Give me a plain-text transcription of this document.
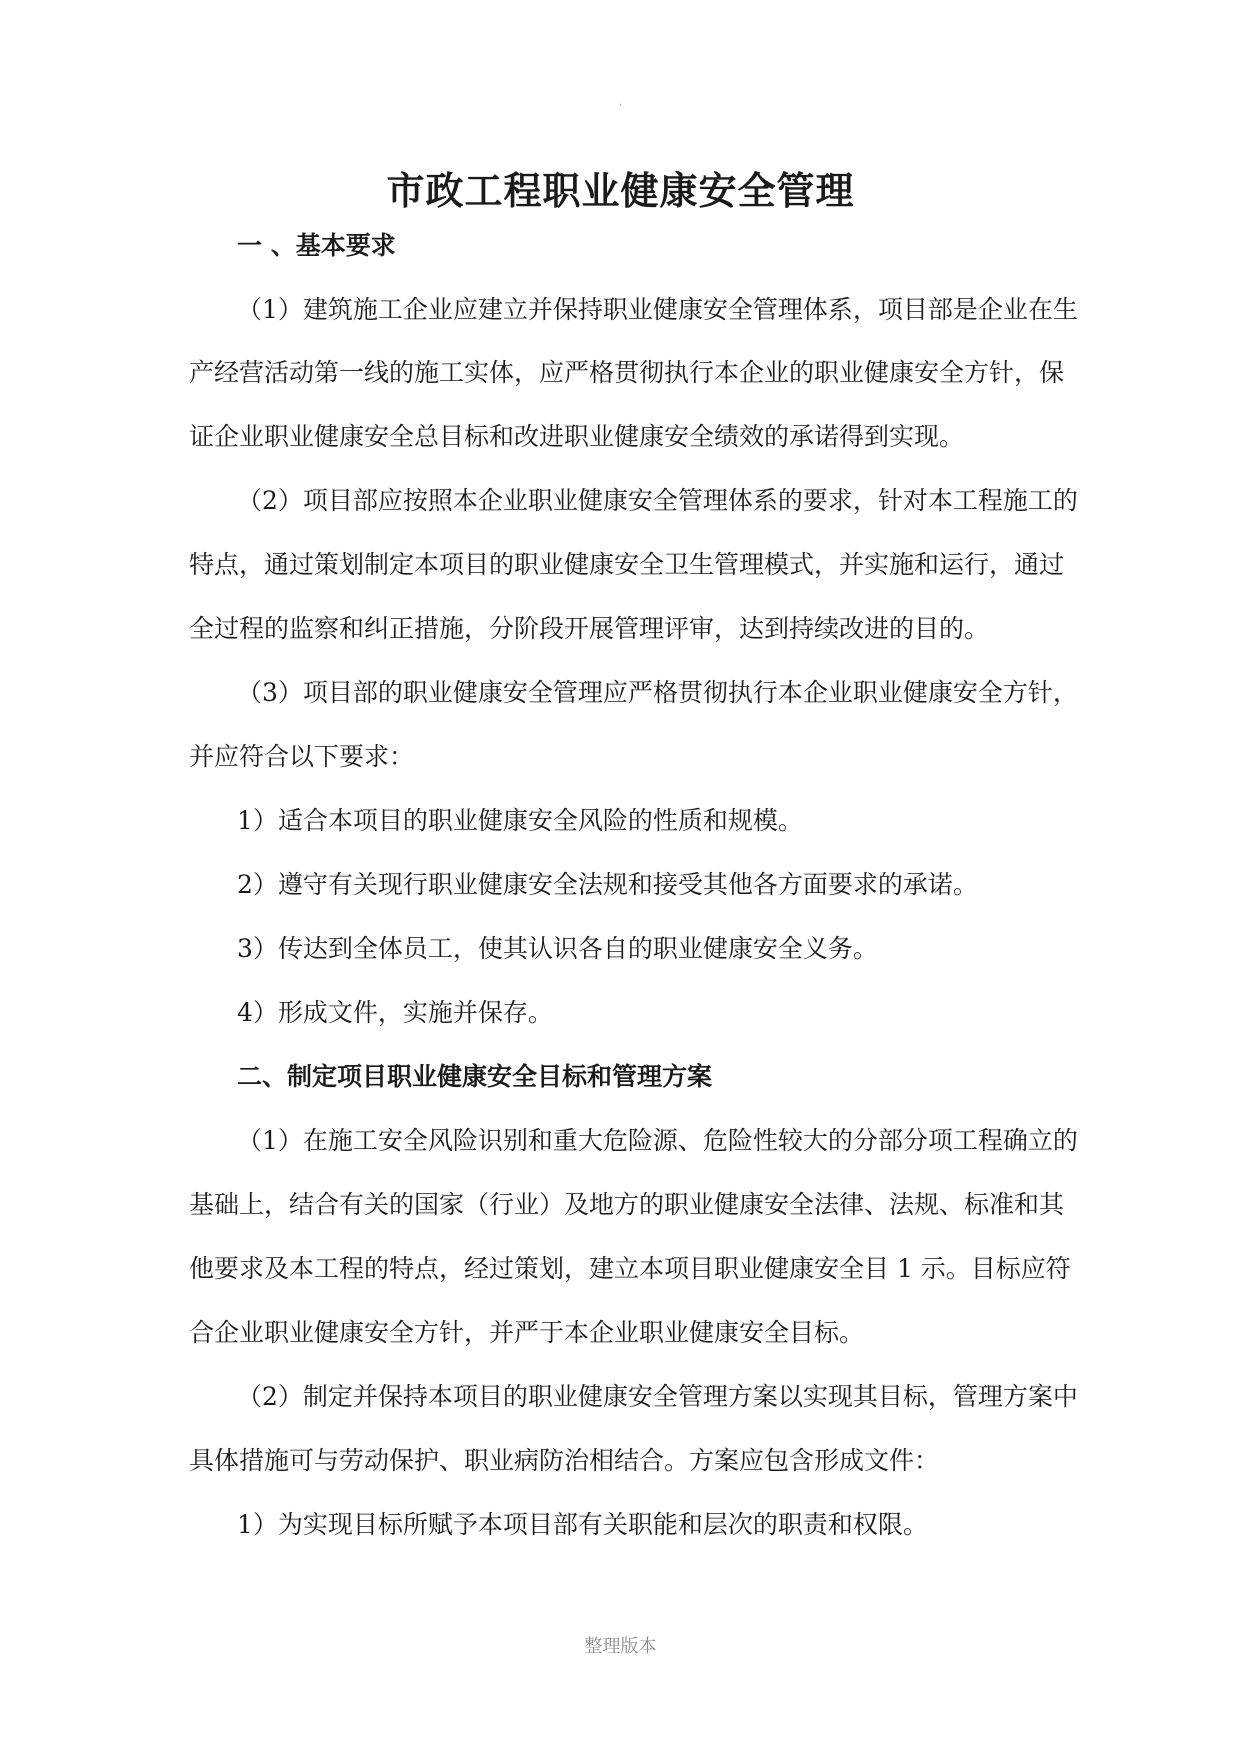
·
市政工程职业健康安全管理
一 、基本要求
（1）建筑施工企业应建立并保持职业健康安全管理体系，项目部是企业在生
产经营活动第一线的施工实体，应严格贯彻执行本企业的职业健康安全方针，保
证企业职业健康安全总目标和改进职业健康安全绩效的承诺得到实现。
（2）项目部应按照本企业职业健康安全管理体系的要求，针对本工程施工的
特点，通过策划制定本项目的职业健康安全卫生管理模式，并实施和运行，通过
全过程的监察和纠正措施，分阶段开展管理评审，达到持续改进的目的。
（3）项目部的职业健康安全管理应严格贯彻执行本企业职业健康安全方针，
并应符合以下要求：
1）适合本项目的职业健康安全风险的性质和规模。
2）遵守有关现行职业健康安全法规和接受其他各方面要求的承诺。
3）传达到全体员工，使其认识各自的职业健康安全义务。
4）形成文件，实施并保存。
二、制定项目职业健康安全目标和管理方案
（1）在施工安全风险识别和重大危险源、危险性较大的分部分项工程确立的
基础上，结合有关的国家（行业）及地方的职业健康安全法律、法规、标准和其
他要求及本工程的特点，经过策划，建立本项目职业健康安全目 1 示。目标应符
合企业职业健康安全方针，并严于本企业职业健康安全目标。
（2）制定并保持本项目的职业健康安全管理方案以实现其目标，管理方案中
具体措施可与劳动保护、职业病防治相结合。方案应包含形成文件：
1）为实现目标所赋予本项目部有关职能和层次的职责和权限。
整理版本
